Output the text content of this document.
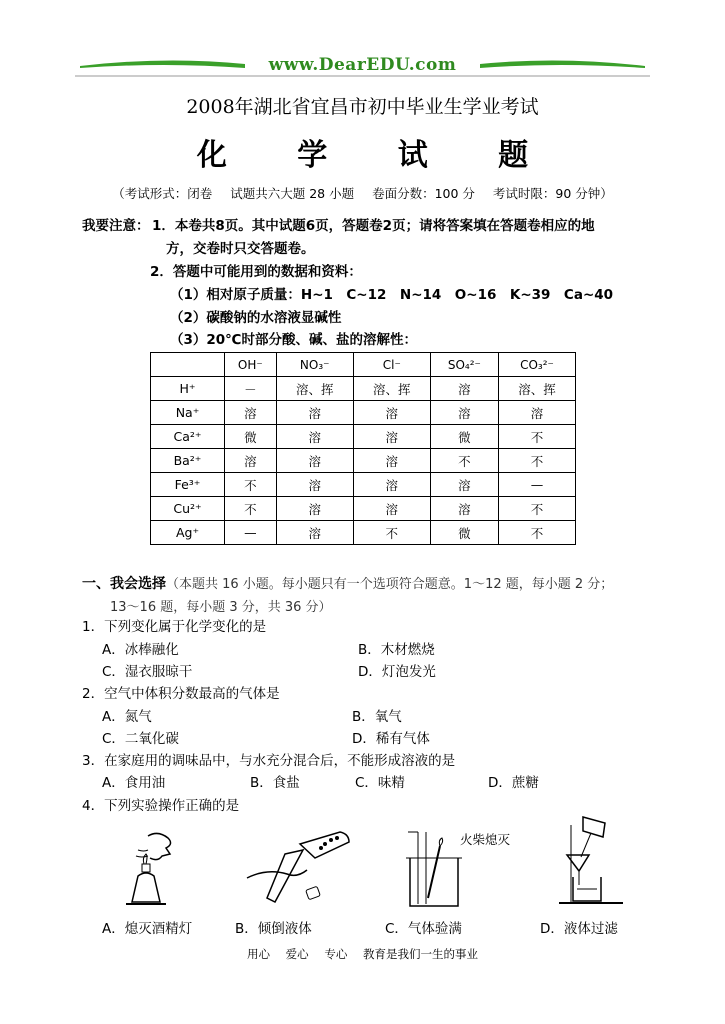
www.DearEDU.com
2008年湖北省宜昌市初中毕业生学业考试
化 学 试 题
（考试形式：闭卷 试题共六大题 28 小题 卷面分数：100 分 考试时限：90 分钟）
我要注意： 1．本卷共8页。其中试题6页，答题卷2页；请将答案填在答题卷相应的地
方，交卷时只交答题卷。
2．答题中可能用到的数据和资料：
（1）相对原子质量：H~1　C~12　N~14　O~16　K~39　Ca~40
（2）碳酸钠的水溶液显碱性
（3）20℃时部分酸、碱、盐的溶解性：
	OH⁻	NO₃⁻	Cl⁻	SO₄²⁻	CO₃²⁻
H⁺	－	溶、挥	溶、挥	溶	溶、挥
Na⁺	溶	溶	溶	溶	溶
Ca²⁺	微	溶	溶	微	不
Ba²⁺	溶	溶	溶	不	不
Fe³⁺	不	溶	溶	溶	—
Cu²⁺	不	溶	溶	溶	不
Ag⁺	—	溶	不	微	不
一、我会选择（本题共 16 小题。每小题只有一个选项符合题意。1～12 题，每小题 2 分；
13～16 题，每小题 3 分，共 36 分）
1．下列变化属于化学变化的是
A．冰棒融化	B．木材燃烧
C．湿衣服晾干	D．灯泡发光
2．空气中体积分数最高的气体是
A．氮气	B．氧气
C．二氧化碳	D．稀有气体
3．在家庭用的调味品中，与水充分混合后，不能形成溶液的是
A．食用油	B．食盐	C．味精	D．蔗糖
4．下列实验操作正确的是
火柴熄灭
A．熄灭酒精灯	B．倾倒液体	C．气体验满	D．液体过滤
用心 爱心 专心 教育是我们一生的事业
